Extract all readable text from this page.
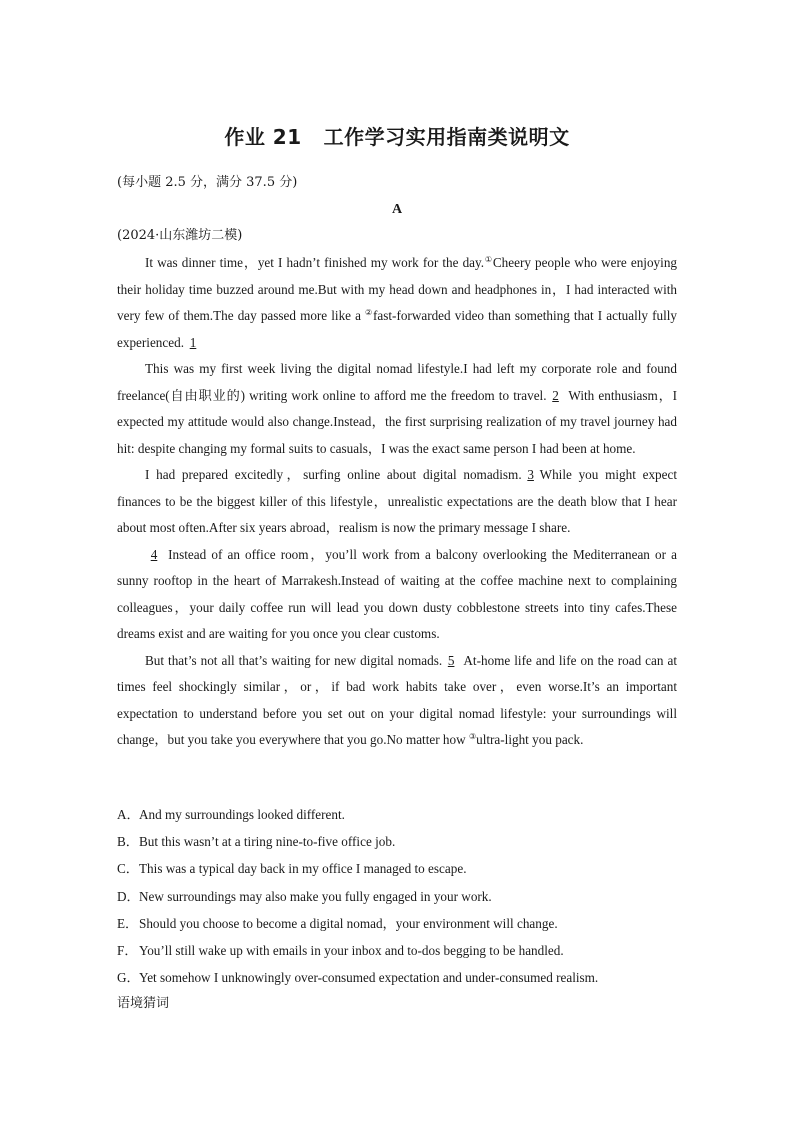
作业 21 工作学习实用指南类说明文
(每小题 2.5 分，满分 37.5 分)
A
(2024·山东潍坊二模)

It was dinner time，yet I hadn’t finished my work for the day.①Cheery people who were enjoying their holiday time buzzed around me.But with my head down and headphones in，I had interacted with very few of them.The day passed more like a ②fast-forwarded video than something that I actually fully experienced. 1

This was my first week living the digital nomad lifestyle.I had left my corporate role and found freelance(自由职业的) writing work online to afford me the freedom to travel. 2 With enthusiasm，I expected my attitude would also change.Instead，the first surprising realization of my travel journey had hit: despite changing my formal suits to casuals，I was the exact same person I had been at home.

I had prepared excitedly，surfing online about digital nomadism. 3 While you might expect finances to be the biggest killer of this lifestyle，unrealistic expectations are the death blow that I hear about most often.After six years abroad，realism is now the primary message I share.

4 Instead of an office room，you’ll work from a balcony overlooking the Mediterranean or a sunny rooftop in the heart of Marrakesh.Instead of waiting at the coffee machine next to complaining colleagues，your daily coffee run will lead you down dusty cobblestone streets into tiny cafes.These dreams exist and are waiting for you once you clear customs.

But that’s not all that’s waiting for new digital nomads. 5 At-home life and life on the road can at times feel shockingly similar，or，if bad work habits take over，even worse.It’s an important expectation to understand before you set out on your digital nomad lifestyle: your surroundings will change，but you take you everywhere that you go.No matter how ③ultra-light you pack.

A．And my surroundings looked different.
B．But this wasn’t at a tiring nine-to-five office job.
C．This was a typical day back in my office I managed to escape.
D．New surroundings may also make you fully engaged in your work.
E．Should you choose to become a digital nomad，your environment will change.
F．You’ll still wake up with emails in your inbox and to-dos begging to be handled.
G．Yet somehow I unknowingly over-consumed expectation and under-consumed realism.
语境猜词
